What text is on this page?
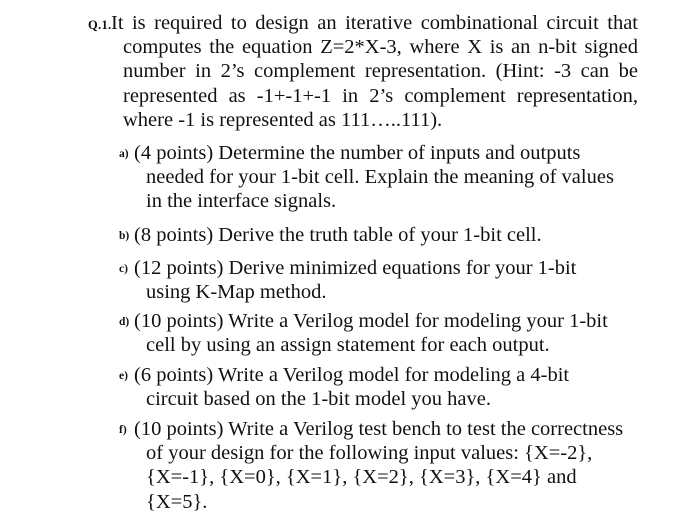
Q.1. It is required to design an iterative combinational circuit that computes the equation Z=2*X-3, where X is an n-bit signed number in 2’s complement representation. (Hint: -3 can be represented as -1+-1+-1 in 2’s complement representation, where -1 is represented as 111…..111).
a) (4 points) Determine the number of inputs and outputs needed for your 1-bit cell. Explain the meaning of values in the interface signals.
b) (8 points) Derive the truth table of your 1-bit cell.
c) (12 points) Derive minimized equations for your 1-bit using K-Map method.
d) (10 points) Write a Verilog model for modeling your 1-bit cell by using an assign statement for each output.
e) (6 points) Write a Verilog model for modeling a 4-bit circuit based on the 1-bit model you have.
f) (10 points) Write a Verilog test bench to test the correctness of your design for the following input values: {X=-2}, {X=-1}, {X=0}, {X=1}, {X=2}, {X=3}, {X=4} and {X=5}.
